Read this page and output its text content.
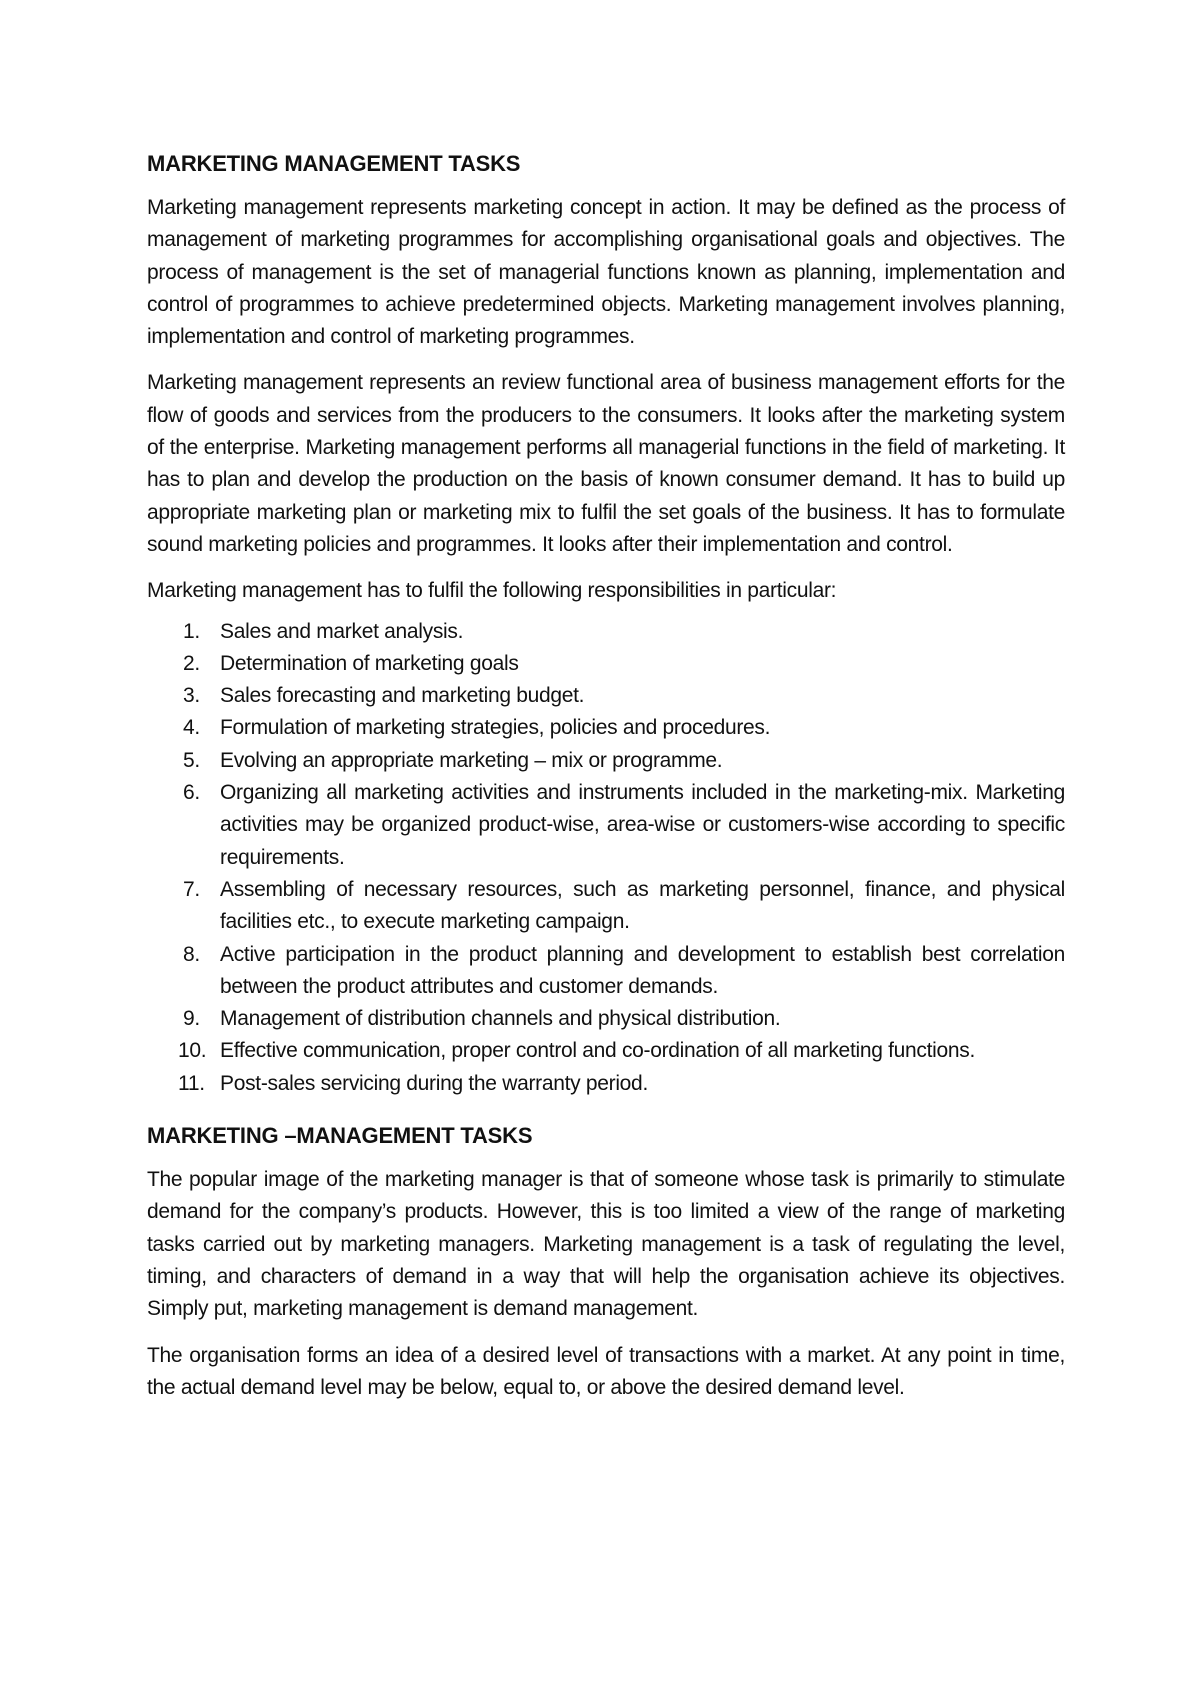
MARKETING MANAGEMENT TASKS

Marketing management represents marketing concept in action. It may be defined as the process of management of marketing programmes for accomplishing organisational goals and objectives. The process of management is the set of managerial functions known as planning, implementation and control of programmes to achieve predetermined objects. Marketing management involves planning, implementation and control of marketing programmes.

Marketing management represents an review functional area of business management efforts for the flow of goods and services from the producers to the consumers. It looks after the marketing system of the enterprise. Marketing management performs all managerial functions in the field of marketing. It has to plan and develop the production on the basis of known consumer demand. It has to build up appropriate marketing plan or marketing mix to fulfil the set goals of the business. It has to formulate sound marketing policies and programmes. It looks after their implementation and control.

Marketing management has to fulfil the following responsibilities in particular:

1. Sales and market analysis.
2. Determination of marketing goals
3. Sales forecasting and marketing budget.
4. Formulation of marketing strategies, policies and procedures.
5. Evolving an appropriate marketing – mix or programme.
6. Organizing all marketing activities and instruments included in the marketing-mix. Marketing activities may be organized product-wise, area-wise or customers-wise according to specific requirements.
7. Assembling of necessary resources, such as marketing personnel, finance, and physical facilities etc., to execute marketing campaign.
8. Active participation in the product planning and development to establish best correlation between the product attributes and customer demands.
9. Management of distribution channels and physical distribution.
10. Effective communication, proper control and co-ordination of all marketing functions.
11. Post-sales servicing during the warranty period.
MARKETING –MANAGEMENT TASKS

The popular image of the marketing manager is that of someone whose task is primarily to stimulate demand for the company’s products. However, this is too limited a view of the range of marketing tasks carried out by marketing managers. Marketing management is a task of regulating the level, timing, and characters of demand in a way that will help the organisation achieve its objectives. Simply put, marketing management is demand management.

The organisation forms an idea of a desired level of transactions with a market. At any point in time, the actual demand level may be below, equal to, or above the desired demand level.
